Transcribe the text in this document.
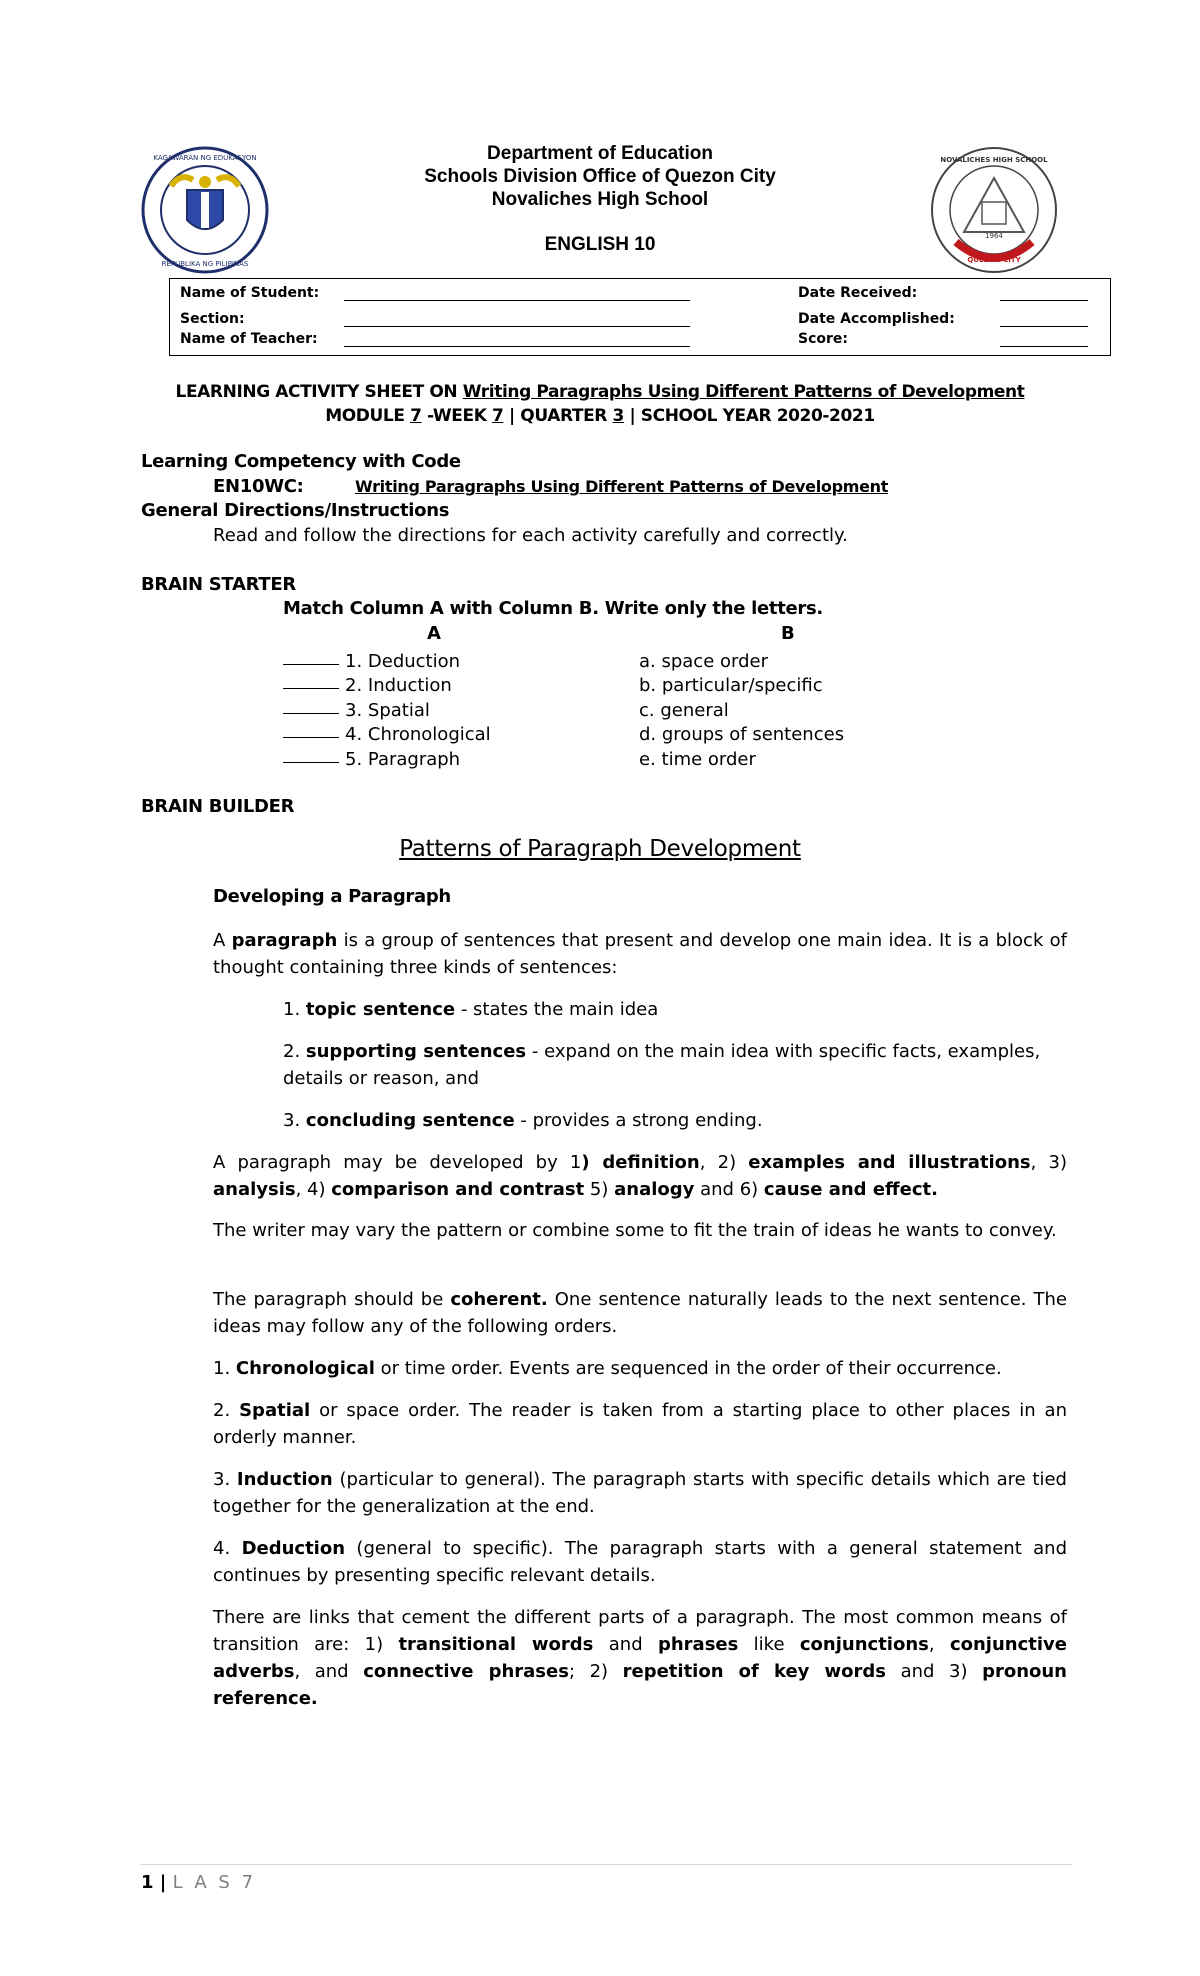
KAGAWARAN NG EDUKASYON
REPUBLIKA NG PILIPINAS
1964
NOVALICHES HIGH SCHOOL
QUEZON CITY
Department of Education
Schools Division Office of Quezon City
Novaliches High School
ENGLISH 10
Name of Student:	Date Received:
Section:	Date Accomplished:
Name of Teacher:	Score:
LEARNING ACTIVITY SHEET ON Writing Paragraphs Using Different Patterns of Development
MODULE 7 -WEEK 7 | QUARTER 3 | SCHOOL YEAR 2020-2021
Learning Competency with Code
EN10WC:	Writing Paragraphs Using Different Patterns of Development
General Directions/Instructions
Read and follow the directions for each activity carefully and correctly.
BRAIN STARTER
Match Column A with Column B. Write only the letters.
A	B
1. Deduction	a. space order
2. Induction	b. particular/specific
3. Spatial	c. general
4. Chronological	d. groups of sentences
5. Paragraph	e. time order
BRAIN BUILDER
Patterns of Paragraph Development
Developing a Paragraph
A paragraph is a group of sentences that present and develop one main idea. It is a block of thought containing three kinds of sentences:
1. topic sentence - states the main idea
2. supporting sentences - expand on the main idea with specific facts, examples, details or reason, and
3. concluding sentence - provides a strong ending.
A paragraph may be developed by 1) definition, 2) examples and illustrations, 3) analysis, 4) comparison and contrast 5) analogy and 6) cause and effect.
The writer may vary the pattern or combine some to fit the train of ideas he wants to convey.
The paragraph should be coherent. One sentence naturally leads to the next sentence. The ideas may follow any of the following orders.
1. Chronological or time order. Events are sequenced in the order of their occurrence.
2. Spatial or space order. The reader is taken from a starting place to other places in an orderly manner.
3. Induction (particular to general). The paragraph starts with specific details which are tied together for the generalization at the end.
4. Deduction (general to specific). The paragraph starts with a general statement and continues by presenting specific relevant details.
There are links that cement the different parts of a paragraph. The most common means of transition are: 1) transitional words and phrases like conjunctions, conjunctive adverbs, and connective phrases; 2) repetition of key words and 3) pronoun reference.
1 | L A S 7
